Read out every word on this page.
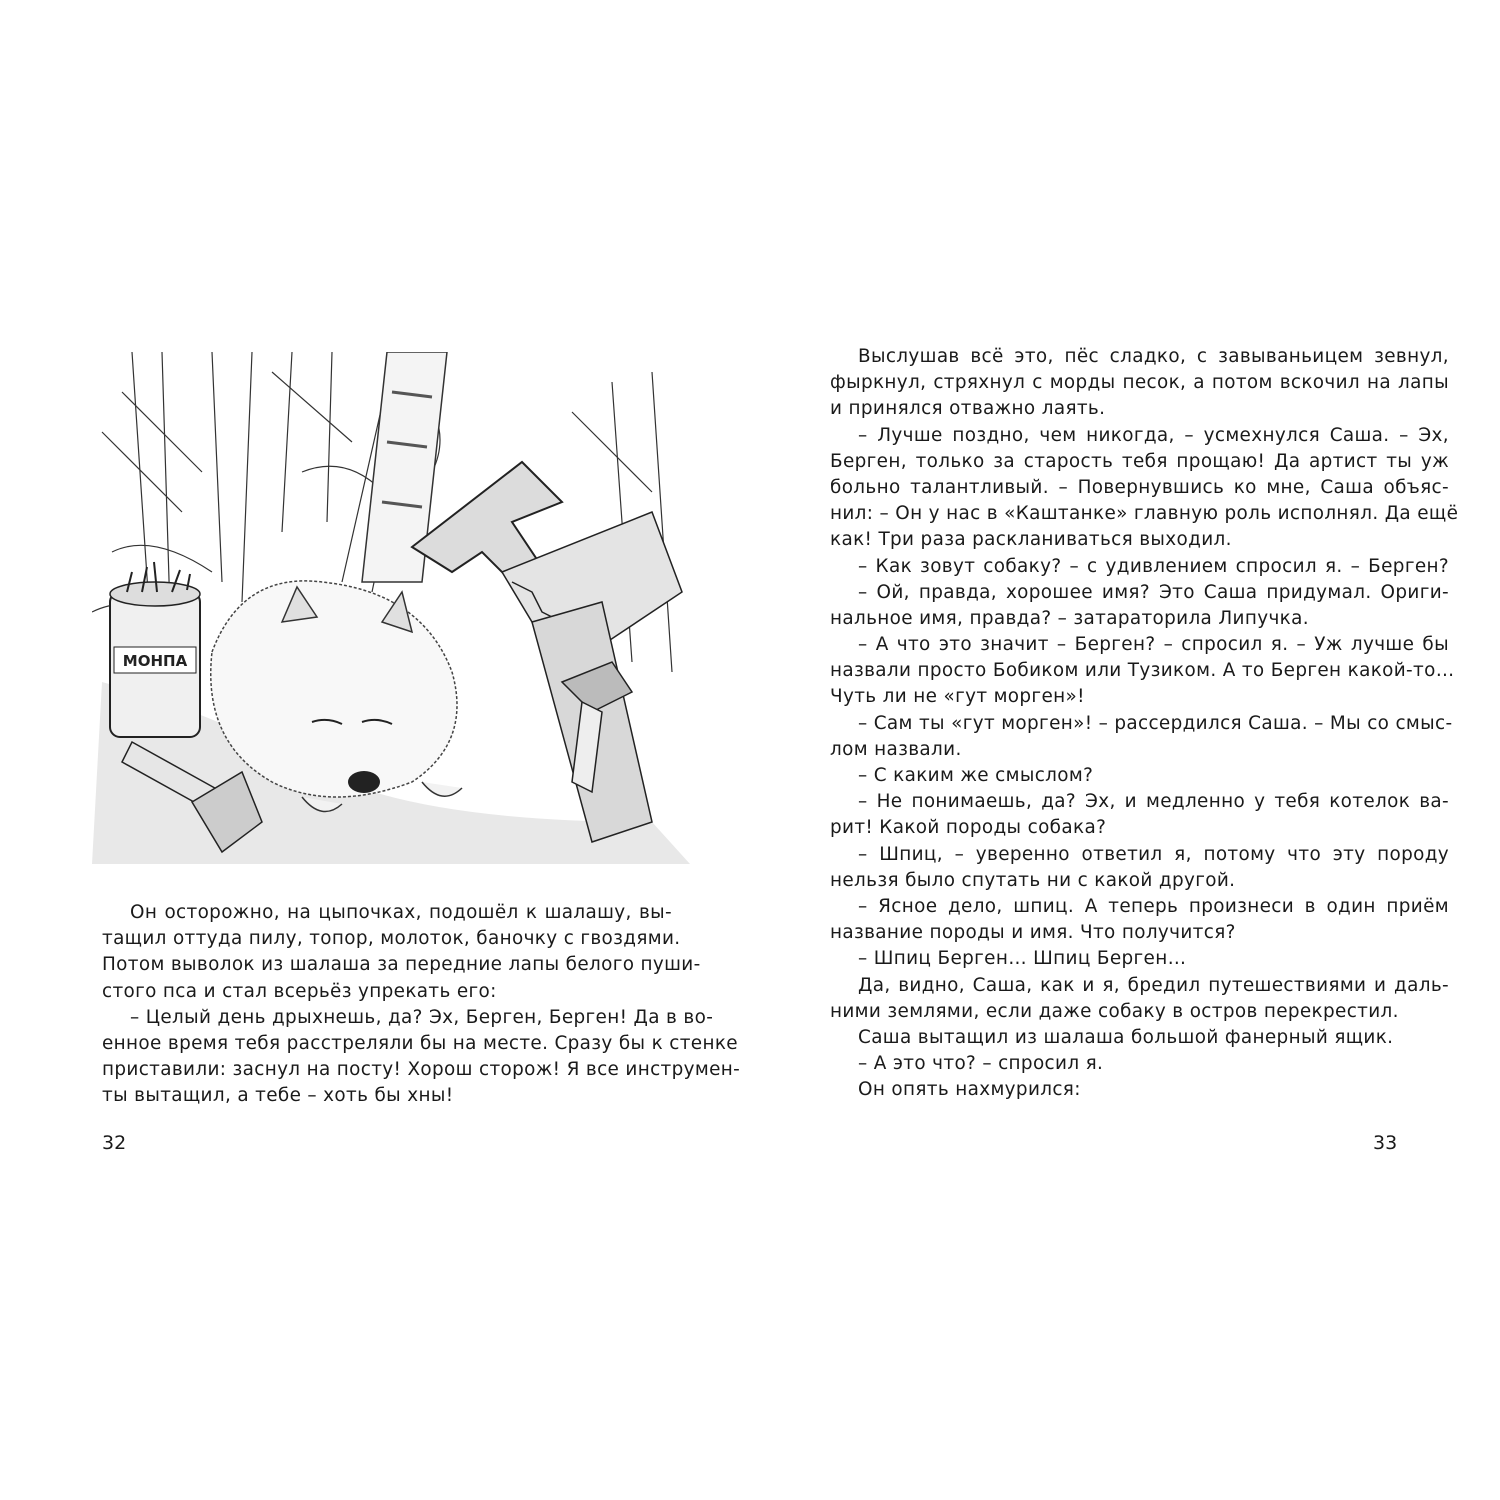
МОНПА
Он осторожно, на цыпочках, подошёл к шалашу, вы-
тащил оттуда пилу, топор, молоток, баночку с гвоздями.
Потом выволок из шалаша за передние лапы белого пуши-
стого пса и стал всерьёз упрекать его:
– Целый день дрыхнешь, да? Эх, Берген, Берген! Да в во-
енное время тебя расстреляли бы на месте. Сразу бы к стенке
приставили: заснул на посту! Хорош сторож! Я все инструмен-
ты вытащил, а тебе – хоть бы хны!
32
Выслушав всё это, пёс сладко, с завываньицем зевнул,
фыркнул, стряхнул с морды песок, а потом вскочил на лапы
и принялся отважно лаять.
– Лучше поздно, чем никогда, – усмехнулся Саша. – Эх,
Берген, только за старость тебя прощаю! Да артист ты уж
больно талантливый. – Повернувшись ко мне, Саша объяс-
нил: – Он у нас в «Каштанке» главную роль исполнял. Да ещё
как! Три раза раскланиваться выходил.
– Как зовут собаку? – с удивлением спросил я. – Берген?
– Ой, правда, хорошее имя? Это Саша придумал. Ориги-
нальное имя, правда? – затараторила Липучка.
– А что это значит – Берген? – спросил я. – Уж лучше бы
назвали просто Бобиком или Тузиком. А то Берген какой-то…
Чуть ли не «гут морген»!
– Сам ты «гут морген»! – рассердился Саша. – Мы со смыс-
лом назвали.
– С каким же смыслом?
– Не понимаешь, да? Эх, и медленно у тебя котелок ва-
рит! Какой породы собака?
– Шпиц, – уверенно ответил я, потому что эту породу
нельзя было спутать ни с какой другой.
– Ясное дело, шпиц. А теперь произнеси в один приём
название породы и имя. Что получится?
– Шпиц Берген… Шпиц Берген…
Да, видно, Саша, как и я, бредил путешествиями и даль-
ними землями, если даже собаку в остров перекрестил.
Саша вытащил из шалаша большой фанерный ящик.
– А это что? – спросил я.
Он опять нахмурился:
33
